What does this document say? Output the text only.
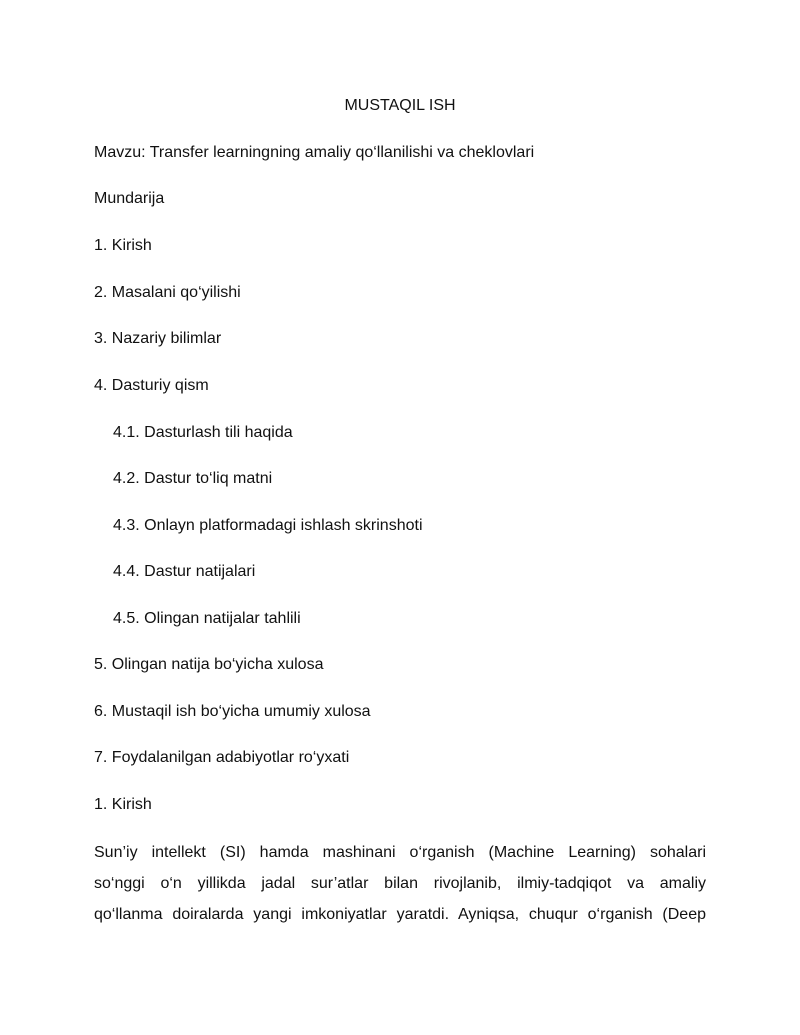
MUSTAQIL ISH
Mavzu: Transfer learningning amaliy qo‘llanilishi va cheklovlari
Mundarija
1. Kirish
2. Masalani qo‘yilishi
3. Nazariy bilimlar
4. Dasturiy qism
4.1. Dasturlash tili haqida
4.2. Dastur to‘liq matni
4.3. Onlayn platformadagi ishlash skrinshoti
4.4. Dastur natijalari
4.5. Olingan natijalar tahlili
5. Olingan natija bo‘yicha xulosa
6. Mustaqil ish bo‘yicha umumiy xulosa
7. Foydalanilgan adabiyotlar ro‘yxati
1. Kirish
Sun’iy intellekt (SI) hamda mashinani o‘rganish (Machine Learning) sohalari
so‘nggi o‘n yillikda jadal sur’atlar bilan rivojlanib, ilmiy-tadqiqot va amaliy
qo‘llanma doiralarda yangi imkoniyatlar yaratdi. Ayniqsa, chuqur o‘rganish (Deep
